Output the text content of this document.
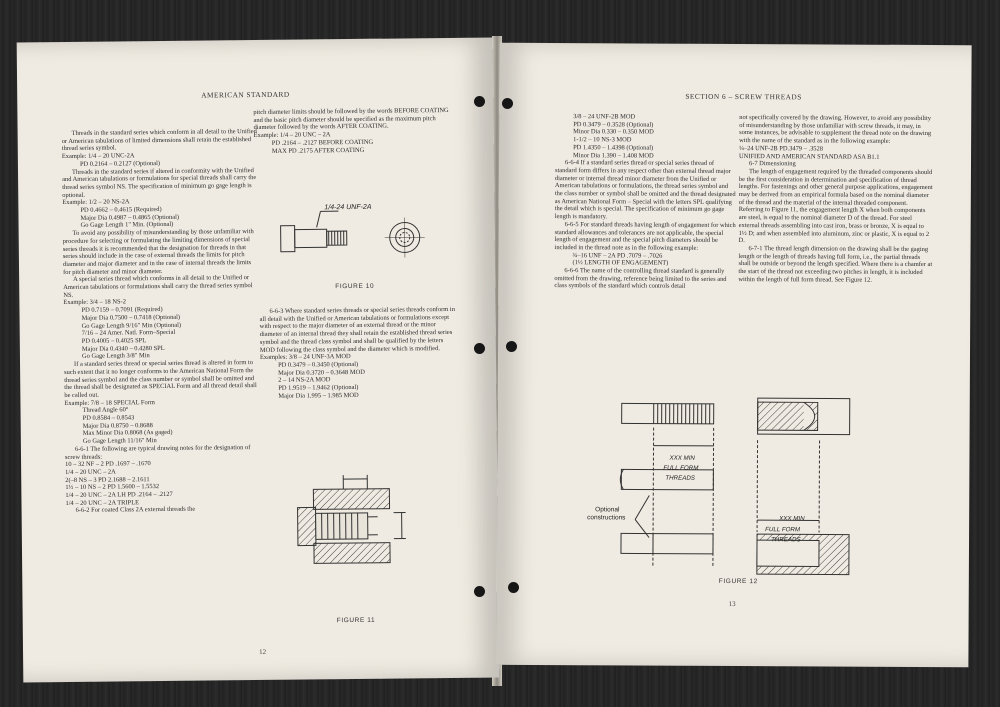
AMERICAN STANDARD

Threads in the standard series which conform in all detail to the Unified or American tabulations of limited dimensions shall retain the established thread series symbol.

Example: 1/4 – 20 UNC-2A

PD 0.2164 – 0.2127 (Optional)

Threads in the standard series if altered in conformity with the Unified and American tabulations or formulations for special threads shall carry the thread series symbol NS. The specification of minimum go gage length is optional.

Example: 1/2 – 20 NS-2A

PD 0.4662 – 0.4615 (Required)

Major Dia 0.4987 – 0.4865 (Optional)

Go Gage Length 1" Min. (Optional)

To avoid any possibility of misunderstanding by those unfamiliar with procedure for selecting or formulating the limiting dimensions of special series threads it is recommended that the designation for threads in that series should include in the case of external threads the limits for pitch diameter and major diameter and in the case of internal threads the limits for pitch diameter and minor diameter.

A special series thread which conforms in all detail to the Unified or American tabulations or formulations shall carry the thread series symbol NS.

Example: 3/4 – 18 NS-2

PD 0.7159 – 0.7091 (Required)

Major Dia 0.7500 – 0.7418 (Optional)

Go Gage Length 9/16" Min (Optional)

7/16 – 24 Amer. Natl. Form–Special

PD 0.4005 – 0.4025 SPL

Major Dia 0.4340 – 0.4280 SPL

Go Gage Length 3/8" Min

If a standard series thread or special series thread is altered in form to such extent that it no longer conforms to the American National Form the thread series symbol and the class number or symbol shall be omitted and the thread shall be designated as SPECIAL Form and all thread detail shall be called out.

Example: 7/8 – 18 SPECIAL Form

Thread Angle 60°

PD 0.8584 – 0.8543

Major Dia 0.8750 – 0.8688

Max Minor Dia 0.8068 (As gaged)

Go Gage Length 11/16" Min

6-6-1 The following are typical drawing notes for the designation of screw threads:

10 – 32 NF – 2 PD .1697 – .1670

1/4 – 20 UNC – 2A

2(–8 NS – 3 PD 2.1688 – 2.1611

1½ – 10 NS – 2 PD 1.5600 – 1.5532

1/4 – 20 UNC – 2A LH PD .2164 – .2127

1/4 – 20 UNC – 2A TRIPLE

6-6-2 For coated Class 2A external threads the

pitch diameter limits should be followed by the words BEFORE COATING and the basic pitch diameter should be specified as the maximum pitch diameter followed by the words AFTER COATING.

Example: 1/4 – 20 UNC – 2A

PD .2164 – .2127 BEFORE COATING

MAX PD .2175 AFTER COATING

1/4-24 UNF-2A
FIGURE 10

6-6-3 Where standard series threads or special series threads conform in all detail with the Unified or American tabulations or formulations except with respect to the major diameter of an external thread or the minor diameter of an internal thread they shall retain the established thread series symbol and the thread class symbol and shall be qualified by the letters MOD following the class symbol and the diameter which is modified.

Examples: 3/8 – 24 UNF-3A MOD

PD 0.3479 – 0.3450 (Optional)

Major Dia 0.3720 – 0.3648 MOD

2 – 14 NS-2A MOD

PD 1.9519 – 1.9462 (Optional)

Major Dia 1.995 – 1.985 MOD

FIGURE 11
12
SECTION 6 – SCREW THREADS

3/8 – 24 UNF-2B MOD

PD 0.3479 – 0.3528 (Optional)

Minor Dia 0.330 – 0.350 MOD

1-1/2 – 10 NS-3 MOD

PD 1.4350 – 1.4398 (Optional)

Minor Dia 1.390 – 1.408 MOD

6-6-4 If a standard series thread or special series thread of standard form differs in any respect other than external thread major diameter or internal thread minor diameter from the Unified or American tabulations or formulations, the thread series symbol and the class number or symbol shall be omitted and the thread designated as American National Form – Special with the letters SPL qualifying the detail which is special. The specification of minimum go gage length is mandatory.

6-6-5 For standard threads having length of engagement for which standard allowances and tolerances are not applicable, the special length of engagement and the special pitch diameters should be included in the thread note as in the following example:

¾–16 UNF – 2A PD .7079 – .7026

(1½ LENGTH OF ENGAGEMENT)

6-6-6 The name of the controlling thread standard is generally omitted from the drawing, reference being limited to the series and class symbols of the standard which controls detail

not specifically covered by the drawing. However, to avoid any possibility of misunderstanding by those unfamiliar with screw threads, it may, in some instances, be advisable to supplement the thread note on the drawing with the name of the standard as in the following example:

¼–24 UNF-2B PD.3479 – .3528

UNIFIED AND AMERICAN STANDARD ASA B1.1

6-7 Dimensioning

The length of engagement required by the threaded components should be the first consideration in determination and specification of thread lengths. For fastenings and other general purpose applications, engagement may be derived from an empirical formula based on the nominal diameter of the thread and the material of the internal threaded component. Referring to Figure 11, the engagement length X when both components are steel, is equal to the nominal diameter D of the thread. For steel external threads assembling into cast iron, brass or bronze, X is equal to 1½ D; and when assembled into aluminum, zinc or plastic, X is equal to 2 D.

6-7-1 The thread length dimension on the drawing shall be the gaging length or the length of threads having full form, i.e., the partial threads shall be outside or beyond the length specified. Where there is a chamfer at the start of the thread not exceeding two pitches in length, it is included within the length of full form thread. See Figure 12.

XXX MIN
FULL FORM
THREADS
XXX MIN
FULL FORM
THREADS
Optional
constructions
FIGURE 12
13
